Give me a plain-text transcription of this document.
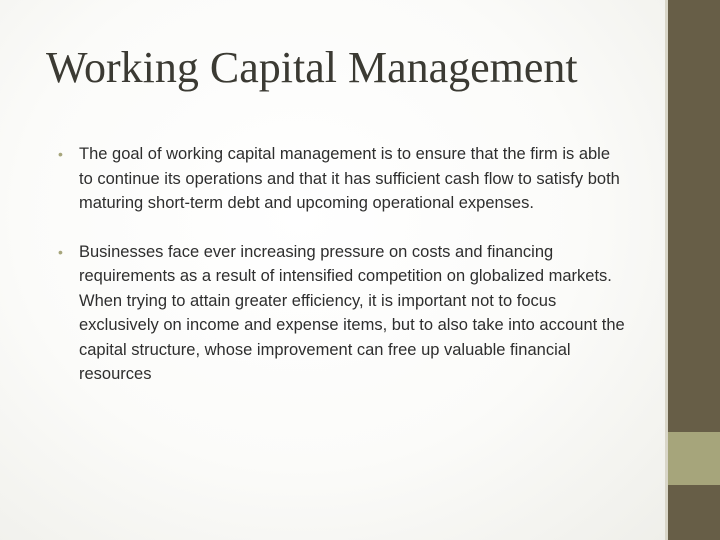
Working Capital Management
• The goal of working capital management is to ensure that the firm is able to continue its operations and that it has sufficient cash flow to satisfy both maturing short-term debt and upcoming operational expenses.
• Businesses face ever increasing pressure on costs and financing requirements as a result of intensified competition on globalized markets. When trying to attain greater efficiency, it is important not to focus exclusively on income and expense items, but to also take into account the capital structure, whose improvement can free up valuable financial resources
